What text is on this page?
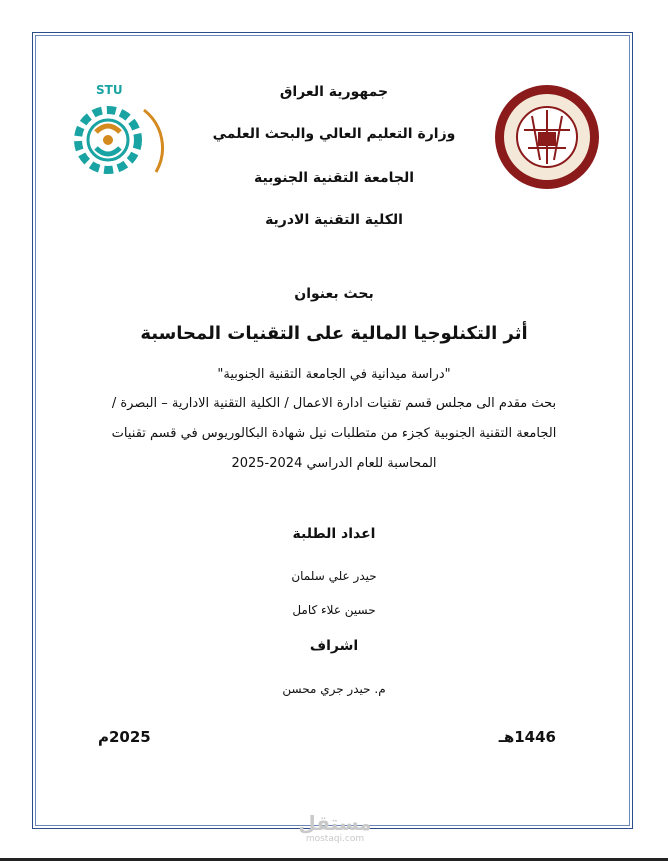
STU	جمهورية العراق
وزارة التعليم العالي والبحث العلمي
الجامعة التقنية الجنوبية
الكلية التقنية الادرية
بحث بعنوان
أثر التكنلوجيا المالية على التقنيات المحاسبة
"دراسة ميدانية في الجامعة التقنية الجنوبية"
بحث مقدم الى مجلس قسم تقنيات ادارة الاعمال / الكلية التقنية الادارية – البصرة /
الجامعة التقنية الجنوبية كجزء من متطلبات نيل شهادة البكالوريوس في قسم تقنيات
المحاسبة للعام الدراسي 2024-2025
اعداد الطلبة
حيدر علي سلمان
حسين علاء كامل
اشراف
م. حيدر جري محسن
1446هـ
2025م
مستقل
mostaqi.com
